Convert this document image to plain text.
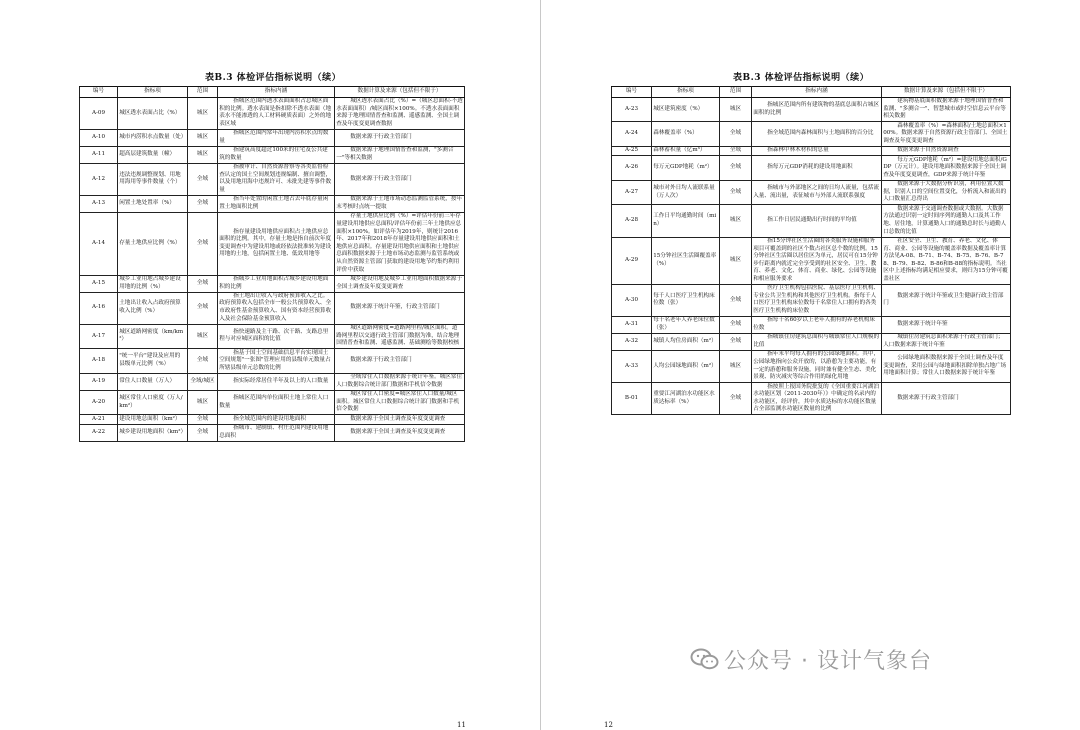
表B.3 体检评估指标说明（续）
编号	指标项	范围	指标内涵	数据计算及来源（包括但不限于）
A-09	城区透水表面占比（%）	城区	指城区范围内透水表面面积占总城区面积的比例。透水表面是指扣除不透水表面（地表水不能渗透的人工材料硬质表面）之外的地表区域	城区透水表面占比（%）=（城区总面积-不透水表面面积）/城区面积×100%。不透水表面面积来源于地理国情普查和监测、遥感监测、全国土调查及年度变更调查数据
A-10	城市内涝积水点数量（处）	城区	指城区范围内常年出现内涝积水点的数量	数据来源于行政主管部门
A-11	超高层建筑数量（幢）	城区	指建筑高度超过100米的住宅及公共建筑的数量	数据来源于地理国情普查和监测，"多测合一"等相关数据
A-12	违法违规调整规划、用地用海用等事件数量（个）	全域	指被审计、自然资源督察等各类监督检查认定的国土空间规划违规编制、擅自调整，以及用地用海中违规许可、未批先建等事件数量	数据来源于行政主管部门
A-13	闲置土地处置率（%）	全域	指当年处置的闲置土地占去年底存量闲置土地面积比例	数据来源于土地市场动态监测监管系统，按年末考核时点统一提取
A-14	存量土地供应比例（%）	全域	指存量建设用地供应面积占土地供应总面积的比例。其中，存量土地是指自前次年度变更调查中为建设用地或经依法批准转为建设用地的土地，包括闲置土地、低效用地等	存量土地供应比例（%）=评估年份前三年存量建设用地供应总面积/评估年份前三年土地供应总面积×100%。如评估年为2019年，则统计2016年、2017年和2018年存量建设用地供应面积和土地供应总面积。存量建设用地供应面积和土地供应总面积数据来源于土地市场动态监测与监管系统或从自然资源主管部门获取的建设用地节约集约利用评价中获取
A-15	城乡工业用地占城乡建设用地的比例（%）	全域	指城乡工业用地面积占城乡建设用地面积的比例	城乡建设用地及城乡工业用地面积数据来源于全国土调查及年度变更调查
A-16	土地出让收入占政府预算收入比例（%）	全域	指土地出让收入与政府预算收入之比。政府预算收入包括全市一般公共预算收入、全市政府性基金预算收入、国有资本经营预算收入及社会保险基金预算收入	数据来源于统计年鉴，行政主管部门
A-17	城区道路网密度（km/km²）	城区	指快速路及主干路、次干路、支路总里程与对应城区面积的比值	城区道路网密度=道路网里程/城区面积。道路网里程以交通行政主管部门数据为准，结合地理国情普查和监测、遥感监测、基础测绘等数据校核
A-18	"统一平台"建设及应用的县级单元比例（%）	全域	指基于国土空间基础信息平台实现国土空间规划"一张图"管理应用的县级单元数量占所辖县级单元总数的比例	数据来源于行政主管部门
A-19	常住人口数量（万人）	全域/城区	指实际经常居住半年及以上的人口数量	全域常住人口数据来源于统计年鉴。城区常住人口数据综合统计部门数据和手机信令数据
A-20	城区常住人口密度（万人/km²）	城区	指城区范围内单位面积土地上常住人口数量	城区常住人口密度=城区常住人口数量/城区面积。城区常住人口数据综合统计部门数据和手机信令数据
A-21	建设用地总面积（km²）	全域	指全域范围内的建设用地面积	数据来源于全国土调查及年度变更调查
A-22	城乡建设用地面积（km²）	全域	指城市、建制镇、村庄范围内建设用地总面积	数据来源于全国土调查及年度变更调查
11
表B.3 体检评估指标说明（续）
编号	指标项	范围	指标内涵	数据计算及来源（包括但不限于）
A-23	城区建筑密度（%）	城区	指城区范围内所有建筑物的基底总面积占城区面积的比例	建筑物基底面积数据来源于地理国情普查和监测、"多测合一"、智慧城市或时空信息云平台等相关数据
A-24	森林覆盖率（%）	全域	指全域范围内森林面积与土地面积的百分比	森林覆盖率（%）=森林面积/土地总面积×100%。数据来源于自然资源行政主管部门、全国土调查及年度变更调查
A-25	森林蓄积量（亿m³）	全域	指森林中林木材积的总量	数据来源于自然资源调查
A-26	每万元GDP地耗（m²）	全域	指每万元GDP消耗的建设用地面积	每万元GDP地耗（m²）=建设用地总面积/GDP（万元计）。建设用地面积数据来源于全国土调查及年度变更调查，GDP来源于统计年鉴
A-27	城市对外日均人流联系量（万人次）	全域	指城市与外部地区之间的日均人流量，包括流入量、流出量，表征城市与外部人流联系强度	数据来源于大数据分析识别，利用位置大数据，识别人口的空间位置变化，分析流入和流出的人口数量汇总得出
A-28	工作日平均通勤时间（min）	城区	指工作日居民通勤出行时间的平均值	数据来源于交通调查数据或大数据。大数据方法通过识别一定时间序列的通勤人口及其工作地、居住地，计算通勤人口的通勤总时长与通勤人口总数的比值
A-29	15分钟社区生活圈覆盖率（%）	城区	指15分钟社区生活圈的各类服务设施和服务项目可覆盖到的社区个数占社区总个数的比例。15分钟社区生活圈以居住区为单元，居民可在15分钟步行距离内就近完全享受到的社区安全、卫生、教育、养老、文化、体育、商业、绿化、公园等设施和相应服务要求	社区安全、卫生、教育、养老、文化、体育、商业、公园等设施的覆盖率数据及覆盖率计算方法见A-08、B-71、B-74、B-75、B-76、B-78、B-79、B-82、B-86和B-88的指标说明。当社区中上述指标均满足相应要求，则归为15分钟可覆盖社区
A-30	每千人口医疗卫生机构床位数（张）	全域	医疗卫生机构包括医院、基层医疗卫生机构、专业公共卫生机构和其他医疗卫生机构。指每千人口医疗卫生机构床位数每千名常住人口拥有的各类医疗卫生机构的床位数	数据来源于统计年鉴或卫生健康行政主管部门
A-31	每千名老年人养老床位数（张）	全域	指每千名60岁以上老年人拥有的养老机构床位数	数据来源于统计年鉴
A-32	城镇人均住房面积（m²）	全域	指城镇住房建筑总面积与城镇常住人口规模的比值	城镇住房建筑总面积来源于行政主管部门；人口数据来源于统计年鉴
A-33	人均公园绿地面积（m²）	城区	指年末平均每人拥有的公园绿地面积。其中，公园绿地指向公众开放的，以游憩为主要功能，有一定的游憩和服务设施，同时兼有健全生态、美化景观、防灾减灾等综合作用的绿化用地	公园绿地面积数据来源于全国土调查及年度变更调查，采用公园与绿地面积扣除单独占地广场用地面积计算；常住人口数据来源于统计年鉴
B-01	重要江河湖泊水功能区水质达标率（%）	全域	指按照上报国务院批复的《全国重要江河湖泊水功能区划（2011-2030年）》中确定的名录内的水功能区，经评价，其中水质达标的水功能区数量占全部监测水功能区数量的比例	数据来源于行政主管部门
12
公众号 · 设计气象台
